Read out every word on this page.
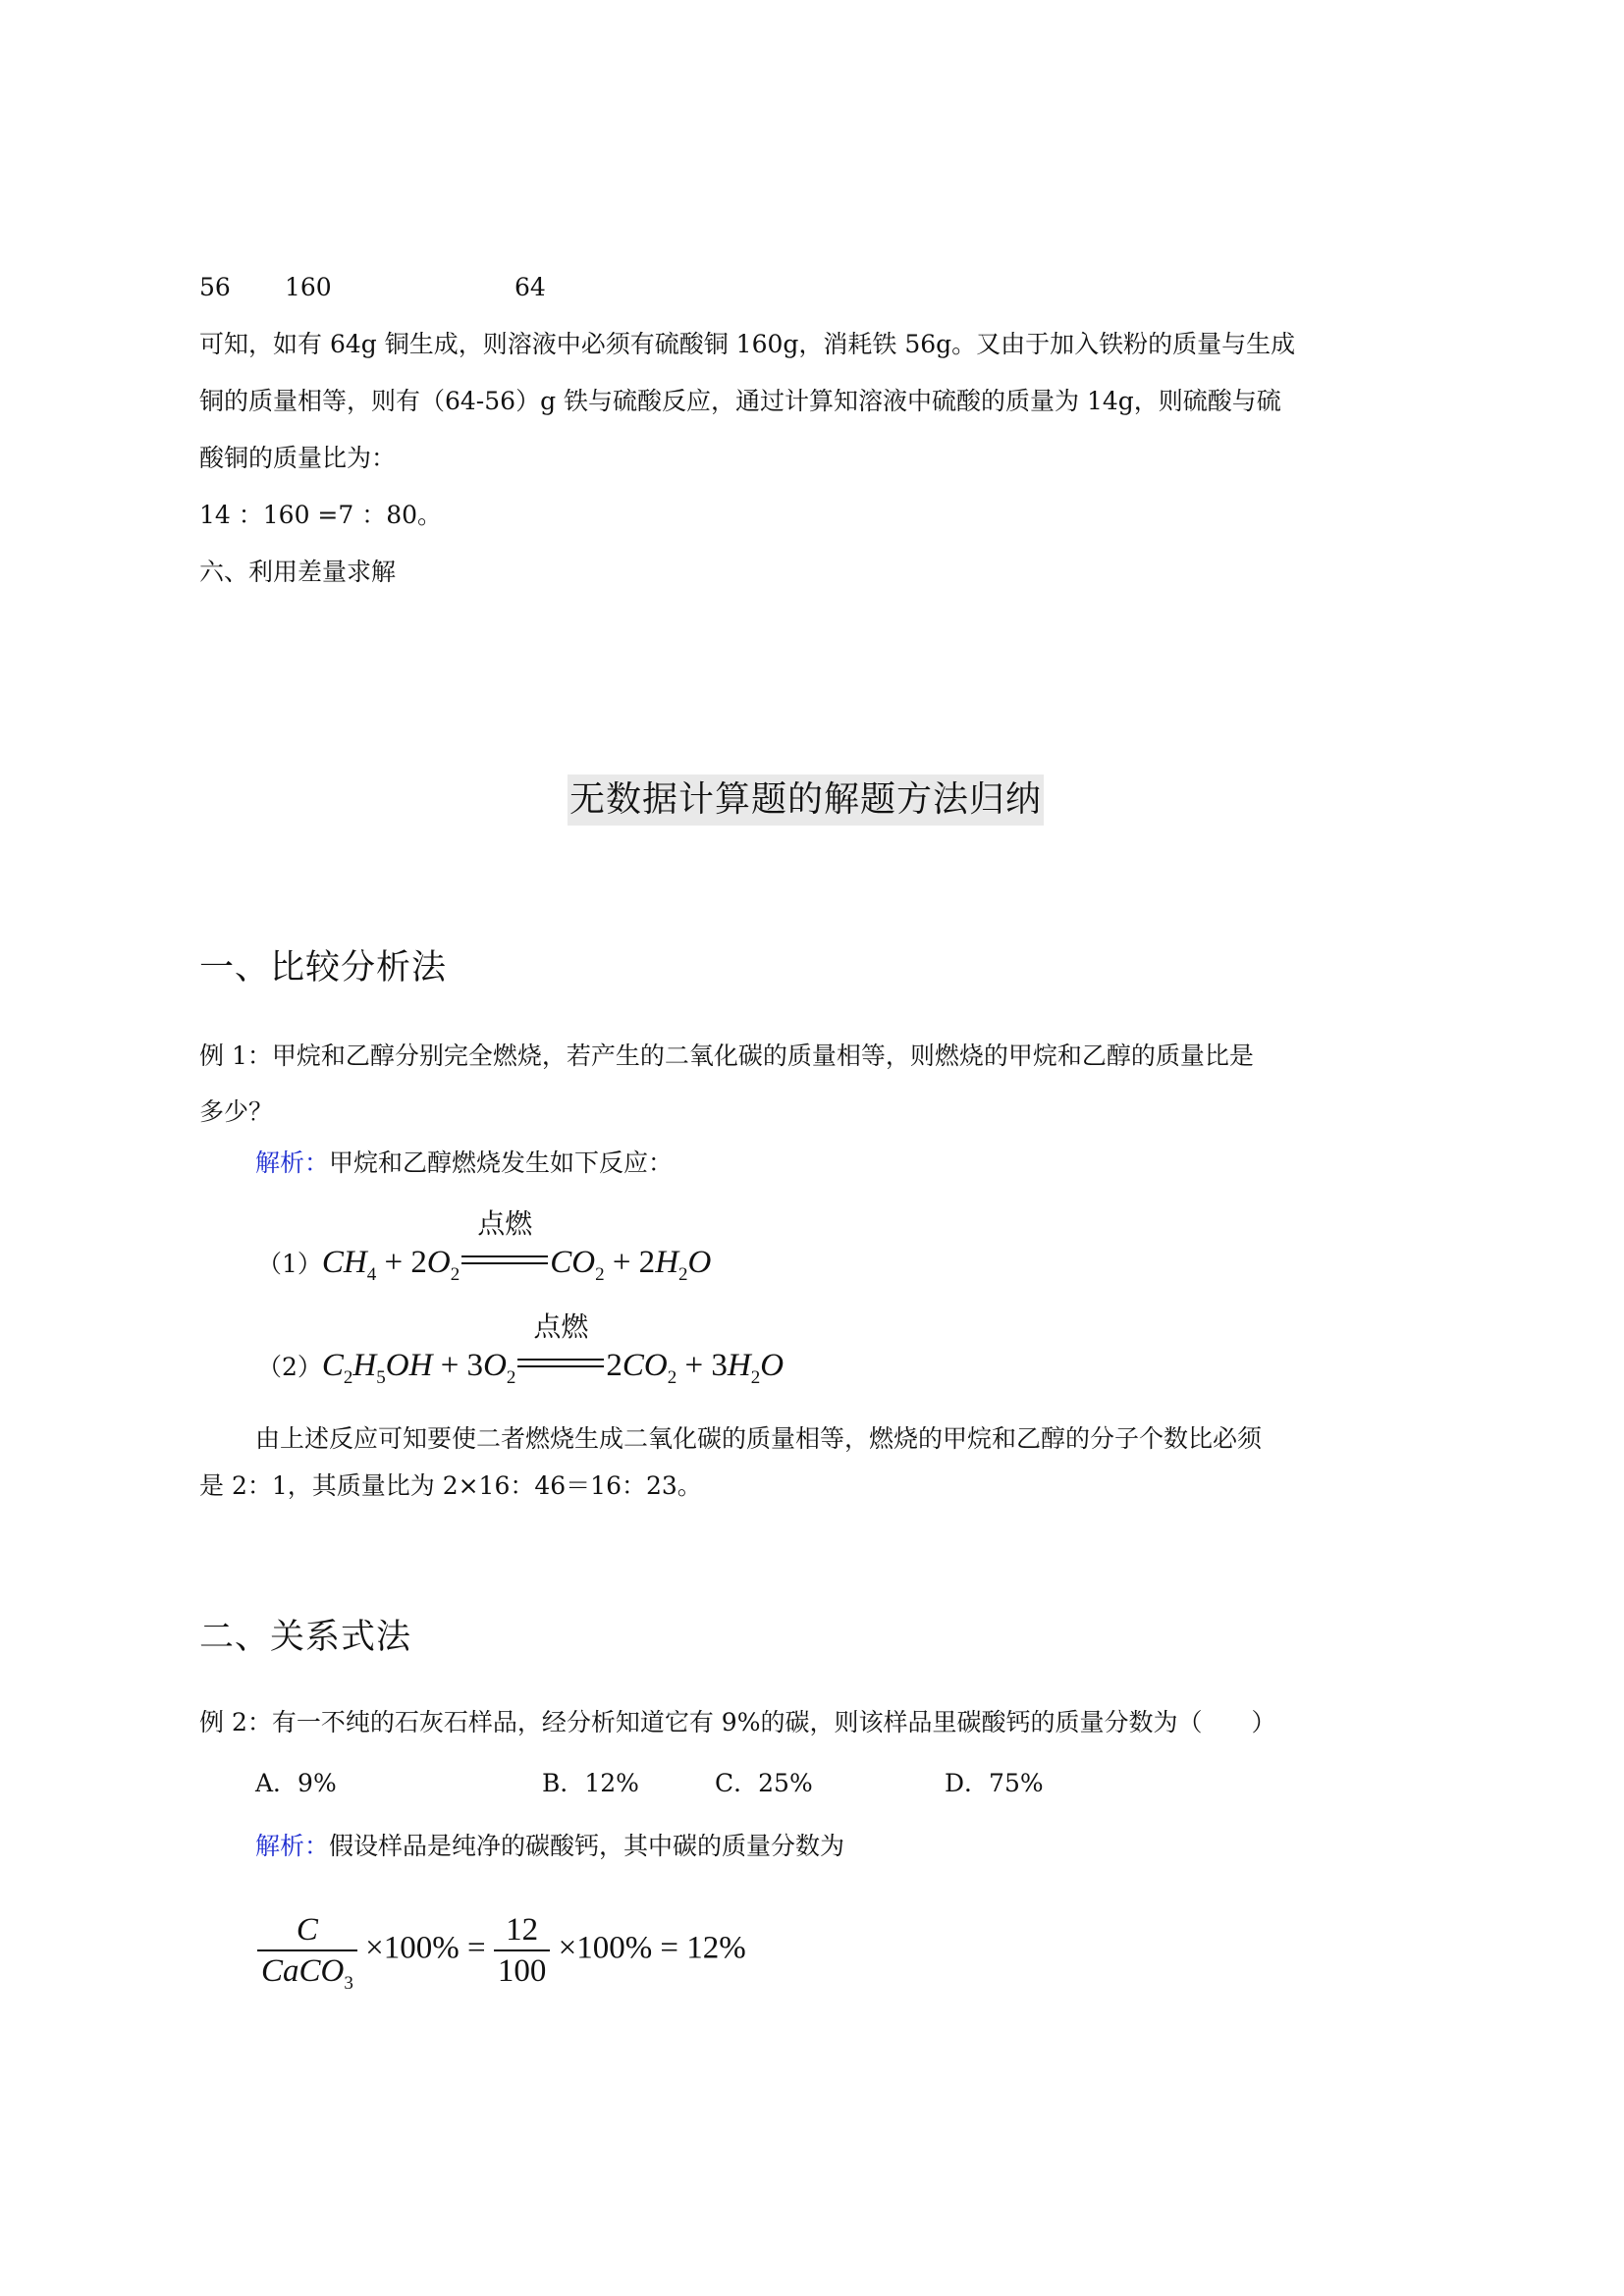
56 160	64
可知，如有 64g 铜生成，则溶液中必须有硫酸铜 160g，消耗铁 56g。又由于加入铁粉的质量与生成
铜的质量相等，则有（64-56）g 铁与硫酸反应，通过计算知溶液中硫酸的质量为 14g，则硫酸与硫
酸铜的质量比为：
14 ：160 =7 ：80。
六、利用差量求解
无数据计算题的解题方法归纳
一、比较分析法
例 1：甲烷和乙醇分别完全燃烧，若产生的二氧化碳的质量相等，则燃烧的甲烷和乙醇的质量比是
多少？
解析：甲烷和乙醇燃烧发生如下反应：
$(1)CH_4 + 2O_2$
点燃
$CO_2 + 2H_2O$
$(2)C_2H_5OH + 3O_2$
点燃
$2CO_2 + 3H_2O$
由上述反应可知要使二者燃烧生成二氧化碳的质量相等，燃烧的甲烷和乙醇的分子个数比必须
是 2：1，其质量比为 2×16：46＝16：23。
二、关系式法
例 2：有一不纯的石灰石样品，经分析知道它有 9%的碳，则该样品里碳酸钙的质量分数为（　　）
A．9%	B．12%	C．25%	D．75%
解析：假设样品是纯净的碳酸钙，其中碳的质量分数为
$\frac{C}{CaCO_3} \times 100\% = \frac{12}{100} \times 100\% = 12\%$
